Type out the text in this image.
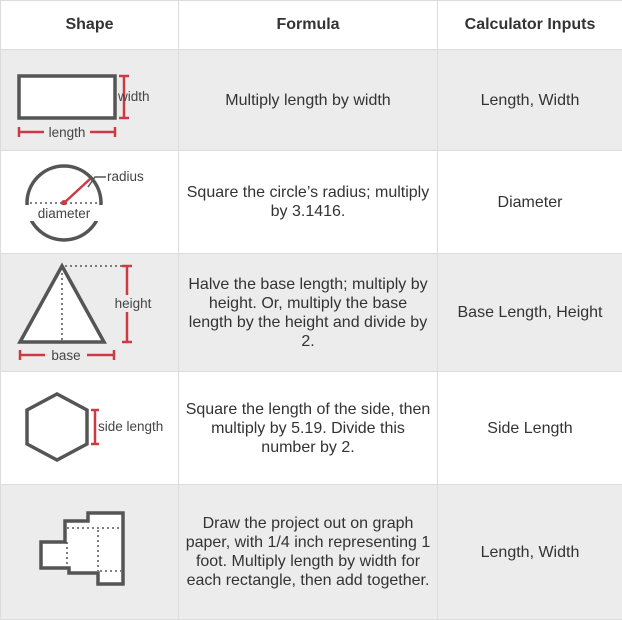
Shape	Formula	Calculator Inputs

width
length	Multiply length by width	Length, Width

radius
diameter	Square the circle’s radius; multiply by 3.1416.	Diameter

height
base	Halve the base length; multiply by height. Or, multiply the base length by the height and divide by 2.	Base Length, Height

side length	Square the length of the side, then multiply by 5.19. Divide this number by 2.	Side Length

	Draw the project out on graph paper, with 1/4 inch representing 1 foot. Multiply length by width for each rectangle, then add together.	Length, Width
